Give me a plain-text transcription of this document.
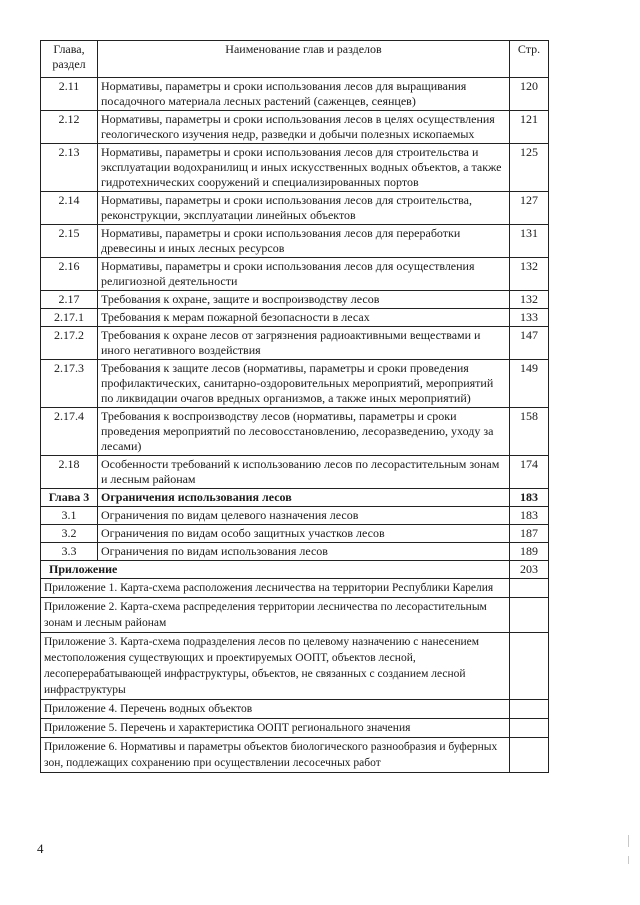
Глава, раздел	Наименование глав и разделов	Стр.
2.11	Нормативы, параметры и сроки использования лесов для выращивания посадочного материала лесных растений (саженцев, сеянцев)	120
2.12	Нормативы, параметры и сроки использования лесов в целях осуществления геологического изучения недр, разведки и добычи полезных ископаемых	121
2.13	Нормативы, параметры и сроки использования лесов для строительства и эксплуатации водохранилищ и иных искусственных водных объектов, а также гидротехнических сооружений и специализированных портов	125
2.14	Нормативы, параметры и сроки использования лесов для строительства, реконструкции, эксплуатации линейных объектов	127
2.15	Нормативы, параметры и сроки использования лесов для переработки древесины и иных лесных ресурсов	131
2.16	Нормативы, параметры и сроки использования лесов для осуществления религиозной деятельности	132
2.17	Требования к охране, защите и воспроизводству лесов	132
2.17.1	Требования к мерам пожарной безопасности в лесах	133
2.17.2	Требования к охране лесов от загрязнения радиоактивными веществами и иного негативного воздействия	147
2.17.3	Требования к защите лесов (нормативы, параметры и сроки проведения профилактических, санитарно-оздоровительных мероприятий, мероприятий по ликвидации очагов вредных организмов, а также иных мероприятий)	149
2.17.4	Требования к воспроизводству лесов (нормативы, параметры и сроки проведения мероприятий по лесовосстановлению, лесоразведению, уходу за лесами)	158
2.18	Особенности требований к использованию лесов по лесорастительным зонам и лесным районам	174
Глава 3	Ограничения использования лесов	183
3.1	Ограничения по видам целевого назначения лесов	183
3.2	Ограничения по видам особо защитных участков лесов	187
3.3	Ограничения по видам использования лесов	189
Приложение		203
Приложение 1. Карта-схема расположения лесничества на территории Республики Карелия		
Приложение 2. Карта-схема распределения территории лесничества по лесорастительным зонам и лесным районам		
Приложение 3. Карта-схема подразделения лесов по целевому назначению с нанесением местоположения существующих и проектируемых ООПТ, объектов лесной, лесоперерабатывающей инфраструктуры, объектов, не связанных с созданием лесной инфраструктуры		
Приложение 4. Перечень водных объектов		
Приложение 5. Перечень и характеристика ООПТ регионального значения		
Приложение 6. Нормативы и параметры объектов биологического разнообразия и буферных зон, подлежащих сохранению при осуществлении лесосечных работ		
4
